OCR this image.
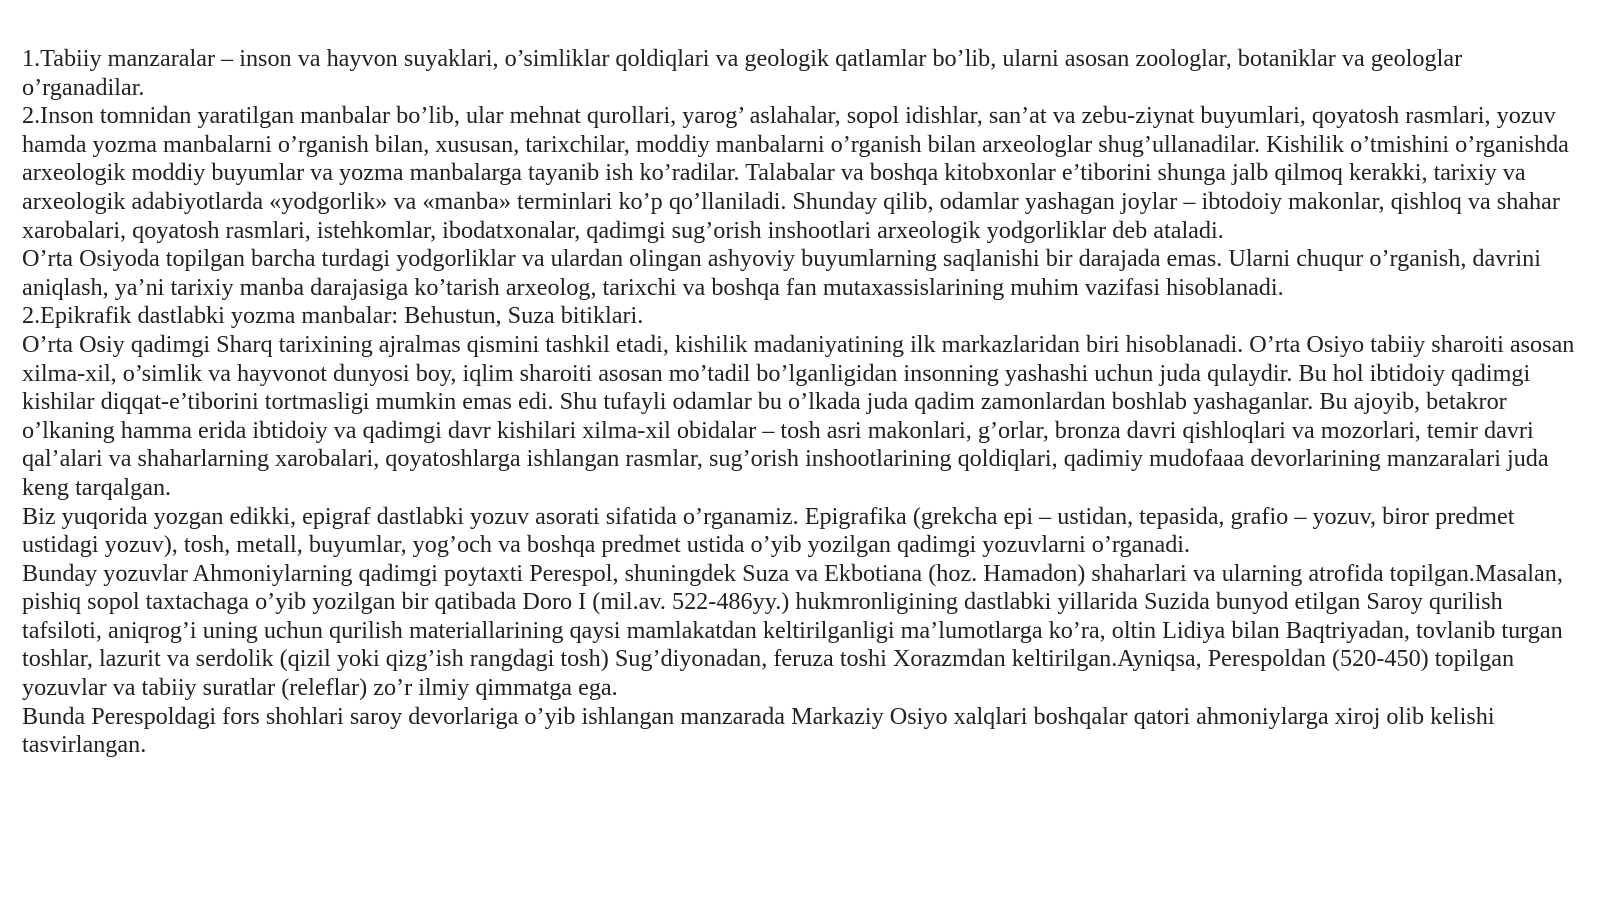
1.Tabiiy manzaralar – inson va hayvon suyaklari, o’simliklar qoldiqlari va geologik qatlamlar bo’lib, ularni asosan zoologlar, botaniklar va geologlar o’rganadilar.

2.Inson tomnidan yaratilgan manbalar bo’lib, ular mehnat qurollari, yarog’ aslahalar, sopol idishlar, san’at va zebu-ziynat buyumlari, qoyatosh rasmlari, yozuv hamda yozma manbalarni o’rganish bilan, xususan, tarixchilar, moddiy manbalarni o’rganish bilan arxeologlar shug’ullanadilar. Kishilik o’tmishini o’rganishda arxeologik moddiy buyumlar va yozma manbalarga tayanib ish ko’radilar. Talabalar va boshqa kitobxonlar e’tiborini shunga jalb qilmoq kerakki, tarixiy va arxeologik adabiyotlarda «yodgorlik» va «manba» terminlari ko’p qo’llaniladi. Shunday qilib, odamlar yashagan joylar – ibtodoiy makonlar, qishloq va shahar xarobalari, qoyatosh rasmlari, istehkomlar, ibodatxonalar, qadimgi sug’orish inshootlari arxeologik yodgorliklar deb ataladi.

O’rta Osiyoda topilgan barcha turdagi yodgorliklar va ulardan olingan ashyoviy buyumlarning saqlanishi bir darajada emas. Ularni chuqur o’rganish, davrini aniqlash, ya’ni tarixiy manba darajasiga ko’tarish arxeolog, tarixchi va boshqa fan mutaxassislarining muhim vazifasi hisoblanadi.

2.Epikrafik dastlabki yozma manbalar: Behustun, Suza bitiklari.

O’rta Osiy qadimgi Sharq tarixining ajralmas qismini tashkil etadi, kishilik madaniyatining ilk markazlaridan biri hisoblanadi. O’rta Osiyo tabiiy sharoiti asosan xilma-xil, o’simlik va hayvonot dunyosi boy, iqlim sharoiti asosan mo’tadil bo’lganligidan insonning yashashi uchun juda qulaydir. Bu hol ibtidoiy qadimgi kishilar diqqat-e’tiborini tortmasligi mumkin emas edi. Shu tufayli odamlar bu o’lkada juda qadim zamonlardan boshlab yashaganlar. Bu ajoyib, betakror o’lkaning hamma erida ibtidoiy va qadimgi davr kishilari xilma-xil obidalar – tosh asri makonlari, g’orlar, bronza davri qishloqlari va mozorlari, temir davri qal’alari va shaharlarning xarobalari, qoyatoshlarga ishlangan rasmlar, sug’orish inshootlarining qoldiqlari, qadimiy mudofaaa devorlarining manzaralari juda keng tarqalgan.

Biz yuqorida yozgan edikki, epigraf dastlabki yozuv asorati sifatida o’rganamiz. Epigrafika (grekcha epi – ustidan, tepasida, grafio – yozuv, biror predmet ustidagi yozuv), tosh, metall, buyumlar, yog’och va boshqa predmet ustida o’yib yozilgan qadimgi yozuvlarni o’rganadi.

Bunday yozuvlar Ahmoniylarning qadimgi poytaxti Perespol, shuningdek Suza va Ekbotiana (hoz. Hamadon) shaharlari va ularning atrofida topilgan.Masalan, pishiq sopol taxtachaga o’yib yozilgan bir qatibada Doro I (mil.av. 522-486yy.) hukmronligining dastlabki yillarida Suzida bunyod etilgan Saroy qurilish tafsiloti, aniqrog’i uning uchun qurilish materiallarining qaysi mamlakatdan keltirilganligi ma’lumotlarga ko’ra, oltin Lidiya bilan Baqtriyadan, tovlanib turgan toshlar, lazurit va serdolik (qizil yoki qizg’ish rangdagi tosh) Sug’diyonadan, feruza toshi Xorazmdan keltirilgan.Ayniqsa, Perespoldan (520-450) topilgan yozuvlar va tabiiy suratlar (releflar) zo’r ilmiy qimmatga ega.

Bunda Perespoldagi fors shohlari saroy devorlariga o’yib ishlangan manzarada Markaziy Osiyo xalqlari boshqalar qatori ahmoniylarga xiroj olib kelishi tasvirlangan.
